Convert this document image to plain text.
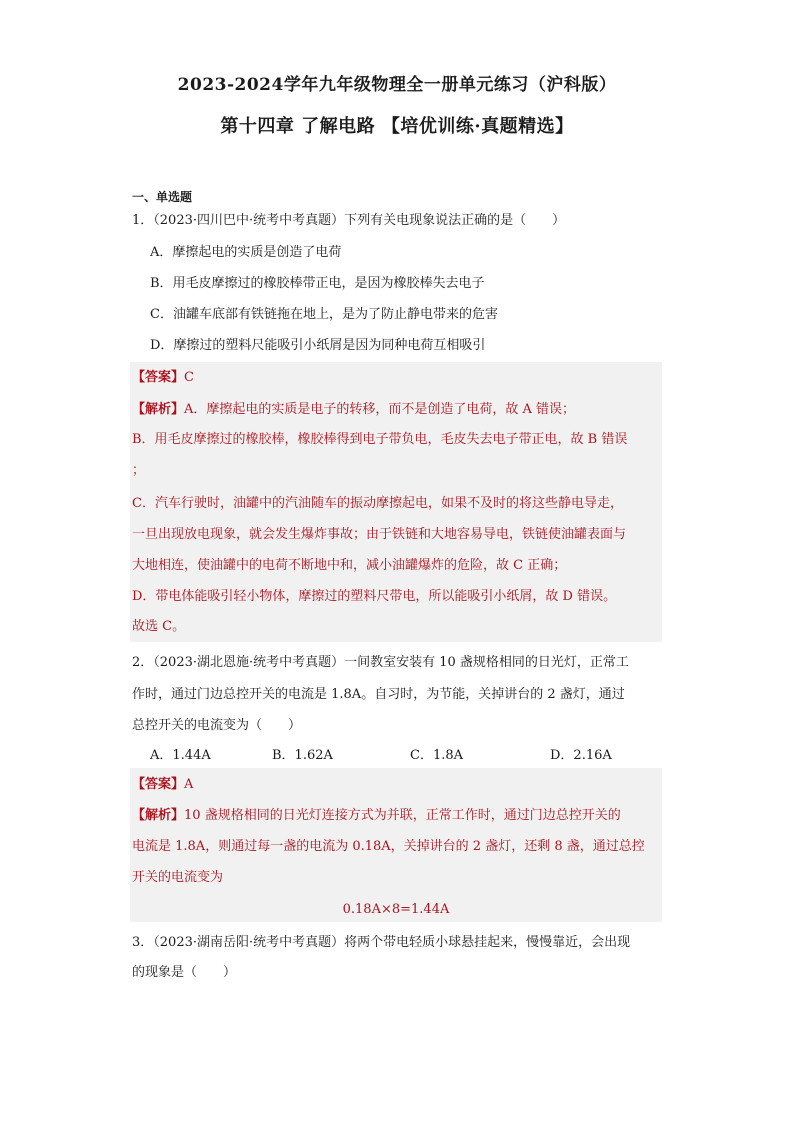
2023-2024学年九年级物理全一册单元练习（沪科版）
第十四章 了解电路 【培优训练·真题精选】
一、单选题
1．（2023·四川巴中·统考中考真题）下列有关电现象说法正确的是（　　）
A．摩擦起电的实质是创造了电荷
B．用毛皮摩擦过的橡胶棒带正电，是因为橡胶棒失去电子
C．油罐车底部有铁链拖在地上，是为了防止静电带来的危害
D．摩擦过的塑料尺能吸引小纸屑是因为同种电荷互相吸引
【答案】C
【解析】A．摩擦起电的实质是电子的转移，而不是创造了电荷，故 A 错误；
B．用毛皮摩擦过的橡胶棒，橡胶棒得到电子带负电，毛皮失去电子带正电，故 B 错误
；
C．汽车行驶时，油罐中的汽油随车的振动摩擦起电，如果不及时的将这些静电导走，
一旦出现放电现象，就会发生爆炸事故；由于铁链和大地容易导电，铁链使油罐表面与
大地相连，使油罐中的电荷不断地中和，减小油罐爆炸的危险，故 C 正确；
D．带电体能吸引轻小物体，摩擦过的塑料尺带电，所以能吸引小纸屑，故 D 错误。
故选 C。
2．（2023·湖北恩施·统考中考真题）一间教室安装有 10 盏规格相同的日光灯，正常工
作时，通过门边总控开关的电流是 1.8A。自习时，为节能，关掉讲台的 2 盏灯，通过
总控开关的电流变为（　　）
A．1.44A	B．1.62A	C．1.8A	D．2.16A
【答案】A
【解析】10 盏规格相同的日光灯连接方式为并联，正常工作时，通过门边总控开关的
电流是 1.8A，则通过每一盏的电流为 0.18A，关掉讲台的 2 盏灯，还剩 8 盏，通过总控
开关的电流变为
0.18A×8=1.44A
3．（2023·湖南岳阳·统考中考真题）将两个带电轻质小球悬挂起来，慢慢靠近，会出现
的现象是（　　）
